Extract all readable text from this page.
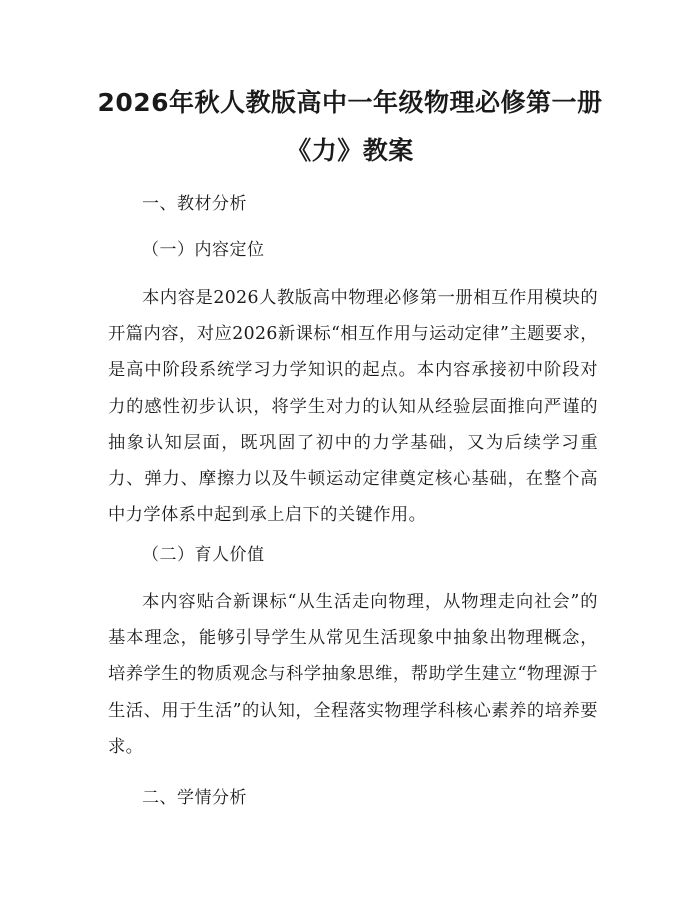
2026年秋人教版高中一年级物理必修第一册
《力》教案
一、教材分析
（一）内容定位
本内容是2026人教版高中物理必修第一册相互作用模块的开篇内容，对应2026新课标“相互作用与运动定律”主题要求，是高中阶段系统学习力学知识的起点。本内容承接初中阶段对力的感性初步认识，将学生对力的认知从经验层面推向严谨的抽象认知层面，既巩固了初中的力学基础，又为后续学习重力、弹力、摩擦力以及牛顿运动定律奠定核心基础，在整个高中力学体系中起到承上启下的关键作用。
（二）育人价值
本内容贴合新课标“从生活走向物理，从物理走向社会”的基本理念，能够引导学生从常见生活现象中抽象出物理概念，培养学生的物质观念与科学抽象思维，帮助学生建立“物理源于生活、用于生活”的认知，全程落实物理学科核心素养的培养要求。
二、学情分析
